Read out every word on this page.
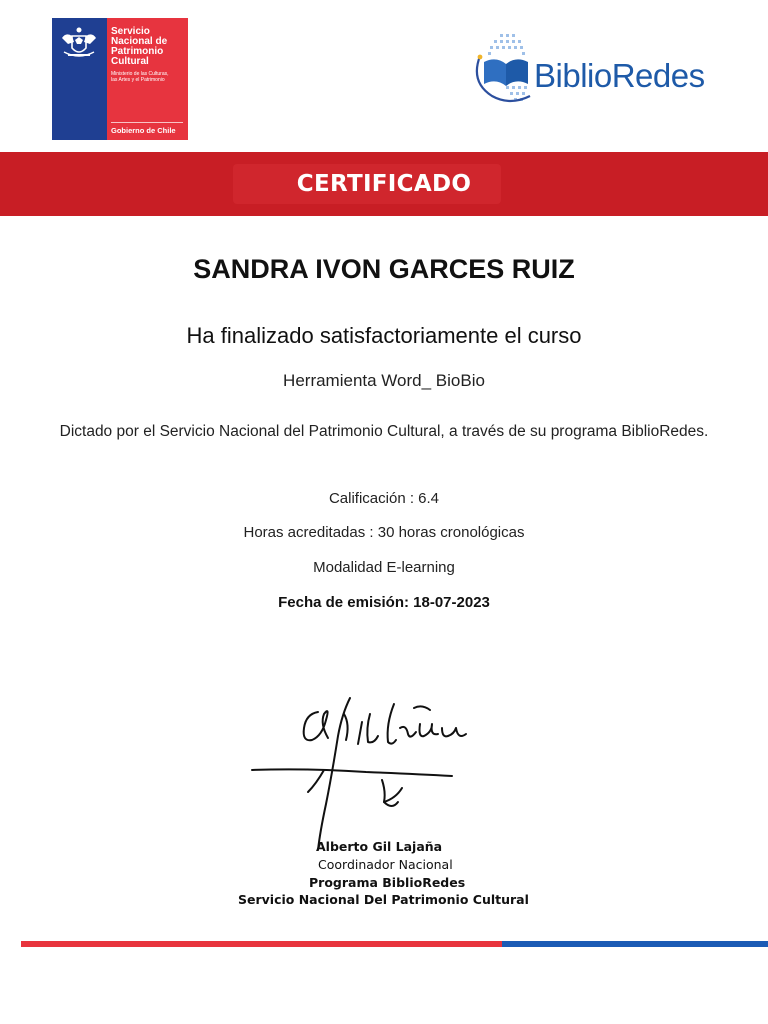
Servicio
Nacional de
Patrimonio
Cultural
Ministerio de las Culturas,
las Artes y el Patrimonio
Gobierno de Chile
BiblioRedes
CERTIFICADO
SANDRA IVON GARCES RUIZ
Ha finalizado satisfactoriamente el curso
Herramienta Word_ BioBio
Dictado por el Servicio Nacional del Patrimonio Cultural, a través de su programa BiblioRedes.
Calificación : 6.4
Horas acreditadas : 30 horas cronológicas
Modalidad E-learning
Fecha de emisión: 18-07-2023
Alberto Gil Lajaña
Coordinador Nacional
Programa BiblioRedes
Servicio Nacional Del Patrimonio Cultural
